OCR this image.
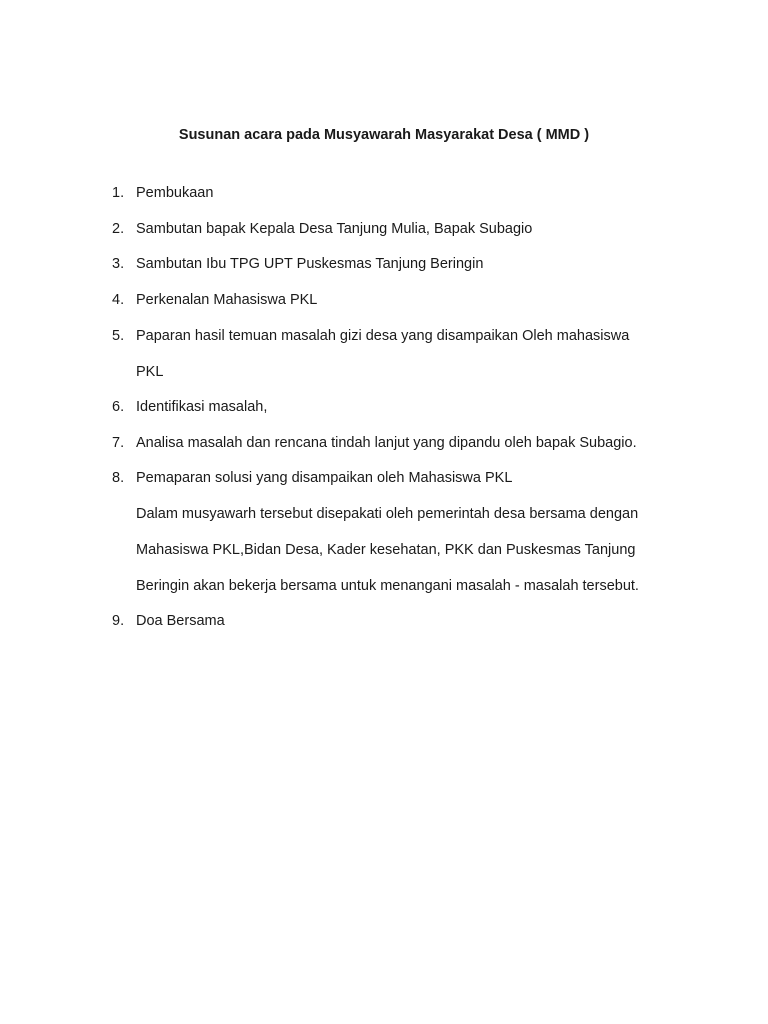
Susunan acara pada Musyawarah Masyarakat Desa ( MMD )
1. Pembukaan
2. Sambutan bapak Kepala Desa Tanjung Mulia, Bapak Subagio
3. Sambutan Ibu TPG UPT Puskesmas Tanjung Beringin
4. Perkenalan Mahasiswa PKL
5. Paparan hasil temuan masalah gizi desa yang disampaikan Oleh mahasiswa
PKL
6. Identifikasi masalah,
7. Analisa masalah dan rencana tindah lanjut yang dipandu oleh bapak Subagio.
8. Pemaparan solusi yang disampaikan oleh Mahasiswa PKL
Dalam musyawarh tersebut disepakati oleh pemerintah desa bersama dengan
Mahasiswa PKL,Bidan Desa, Kader kesehatan, PKK dan Puskesmas Tanjung
Beringin akan bekerja bersama untuk menangani masalah - masalah tersebut.
9. Doa Bersama
